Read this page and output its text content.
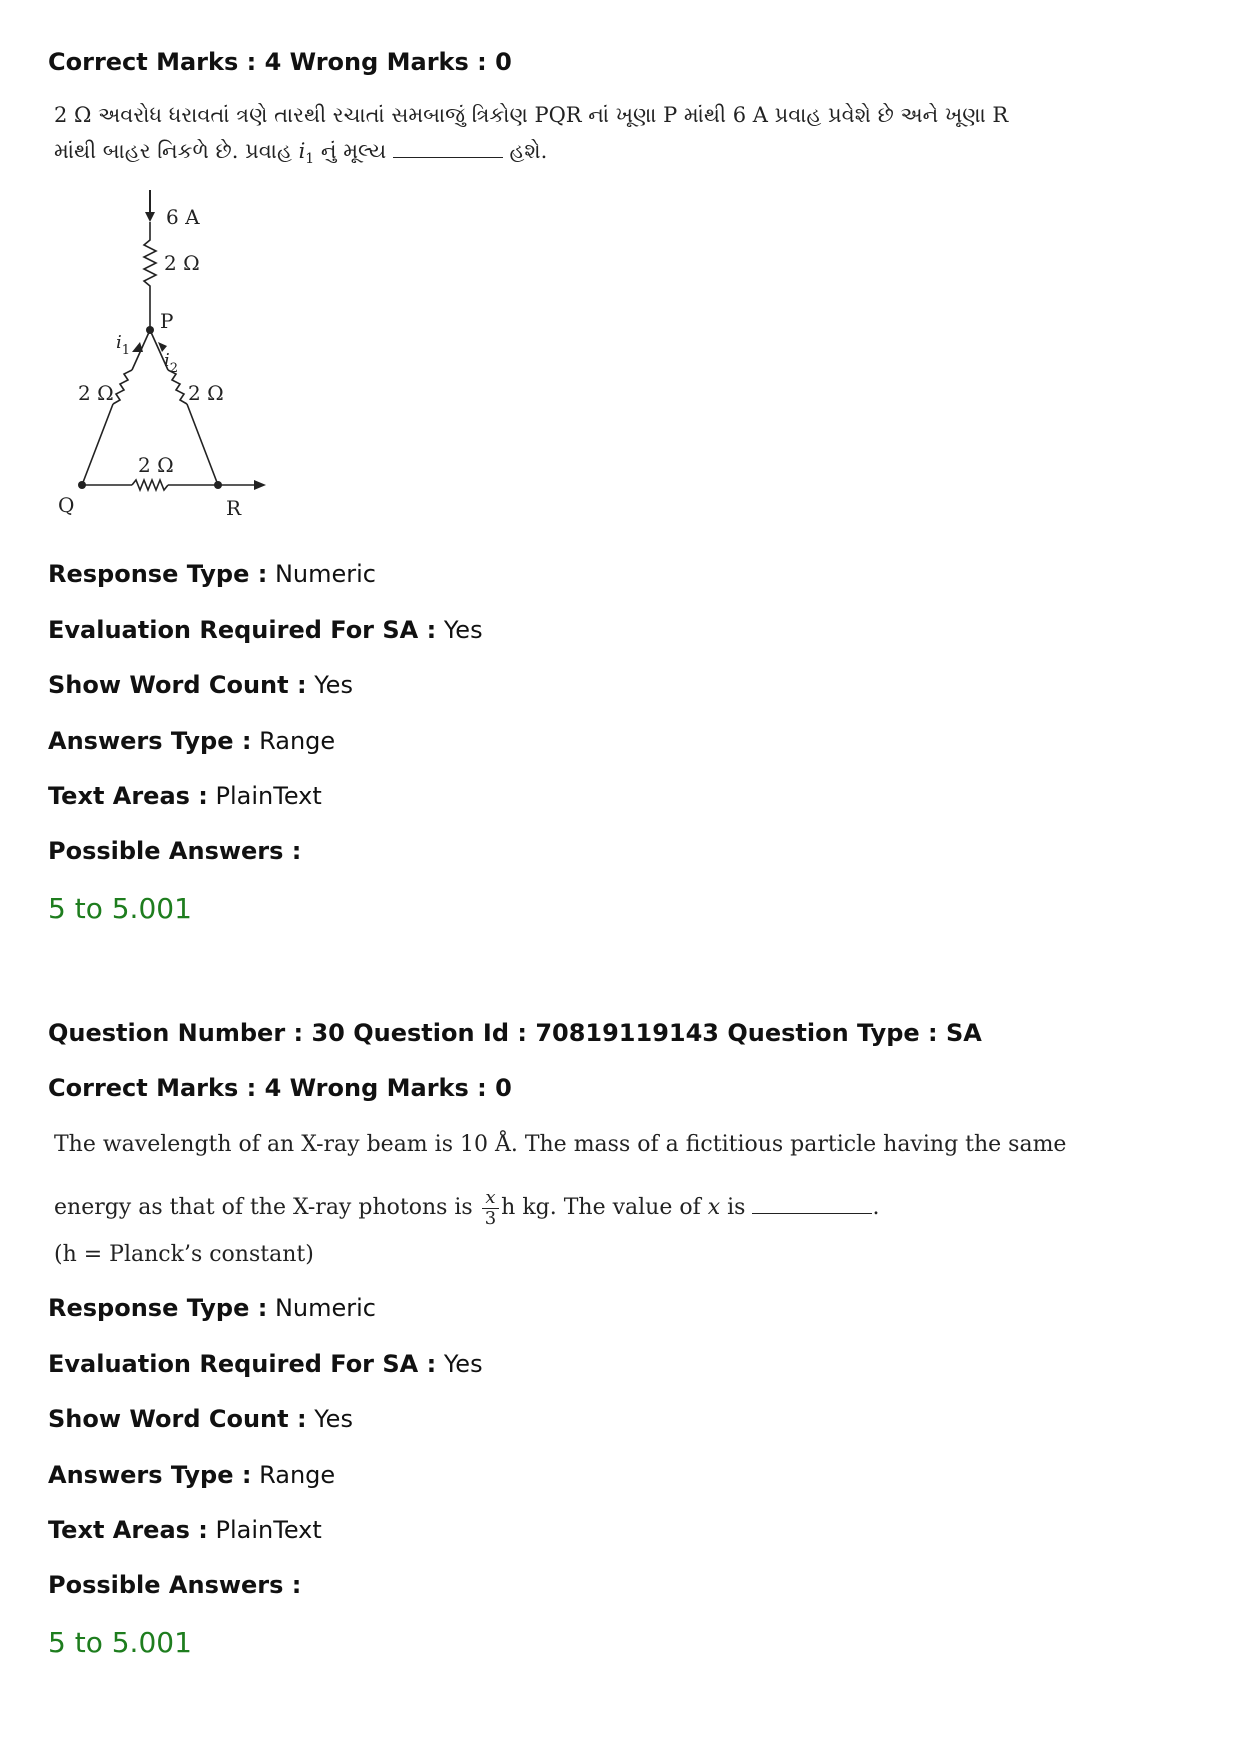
Correct Marks : 4 Wrong Marks : 0
2 Ω અવરોધ ધરાવતાં ત્રણે તારથી રચાતાં સમબાજું ત્રિકોણ PQR નાં ખૂણા P માંથી 6 A પ્રવાહ પ્રવેશે છે અને ખૂણા R
માંથી બાહર નિકળે છે. પ્રવાહ $i_1$ નું મૂલ્ય	હશે.
6 A
2 Ω
P
2 Ω
$i_1$
2 Ω
$i_2$
2 Ω
Q	R
Response Type : Numeric
Evaluation Required For SA : Yes
Show Word Count : Yes
Answers Type : Range
Text Areas : PlainText
Possible Answers :
5 to 5.001
Question Number : 30 Question Id : 70819119143 Question Type : SA
Correct Marks : 4 Wrong Marks : 0
The wavelength of an X-ray beam is 10 Å. The mass of a fictitious particle having the same
energy as that of the X-ray photons is $\frac{x}{3}$ h kg. The value of x is	.
(h = Planck’s constant)
Response Type : Numeric
Evaluation Required For SA : Yes
Show Word Count : Yes
Answers Type : Range
Text Areas : PlainText
Possible Answers :
5 to 5.001
